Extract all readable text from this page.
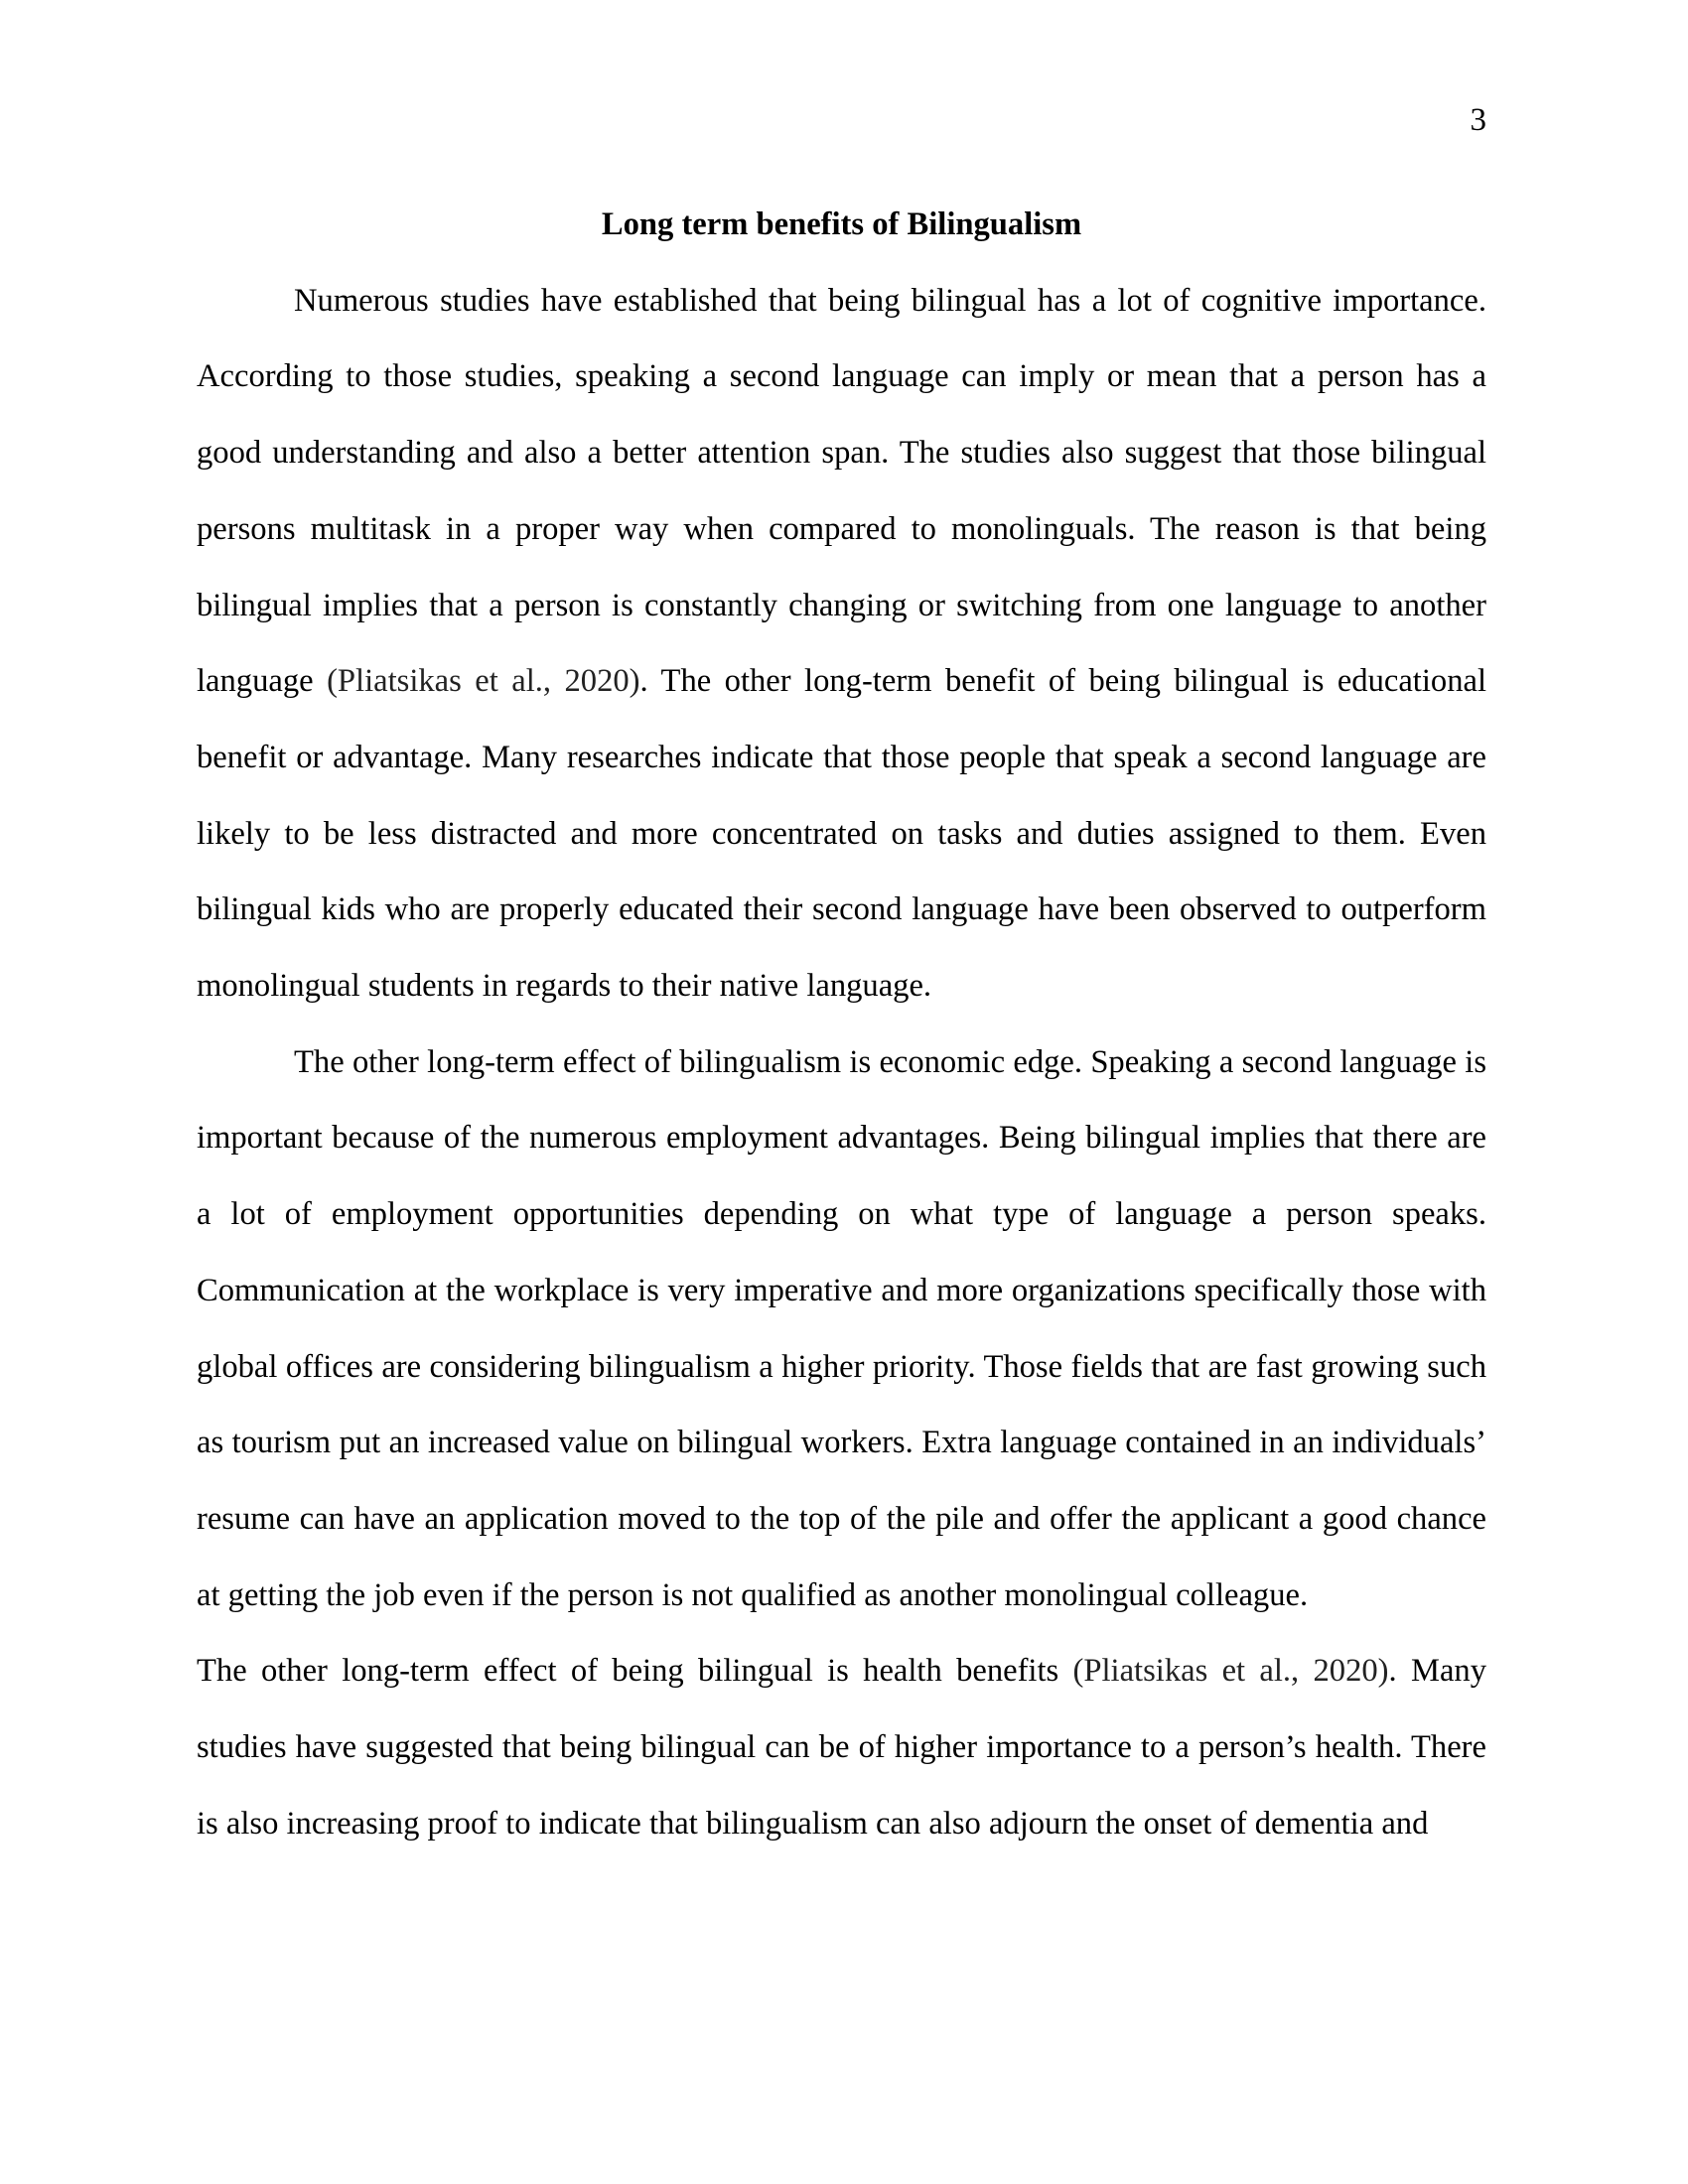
3
Long term benefits of Bilingualism

Numerous studies have established that being bilingual has a lot of cognitive importance. According to those studies, speaking a second language can imply or mean that a person has a good understanding and also a better attention span. The studies also suggest that those bilingual persons multitask in a proper way when compared to monolinguals. The reason is that being bilingual implies that a person is constantly changing or switching from one language to another language (Pliatsikas et al., 2020). The other long-term benefit of being bilingual is educational benefit or advantage. Many researches indicate that those people that speak a second language are likely to be less distracted and more concentrated on tasks and duties assigned to them. Even bilingual kids who are properly educated their second language have been observed to outperform monolingual students in regards to their native language.

The other long-term effect of bilingualism is economic edge. Speaking a second language is important because of the numerous employment advantages. Being bilingual implies that there are a lot of employment opportunities depending on what type of language a person speaks. Communication at the workplace is very imperative and more organizations specifically those with global offices are considering bilingualism a higher priority. Those fields that are fast growing such as tourism put an increased value on bilingual workers. Extra language contained in an individuals’ resume can have an application moved to the top of the pile and offer the applicant a good chance at getting the job even if the person is not qualified as another monolingual colleague.

The other long-term effect of being bilingual is health benefits (Pliatsikas et al., 2020). Many studies have suggested that being bilingual can be of higher importance to a person’s health. There is also increasing proof to indicate that bilingualism can also adjourn the onset of dementia and
